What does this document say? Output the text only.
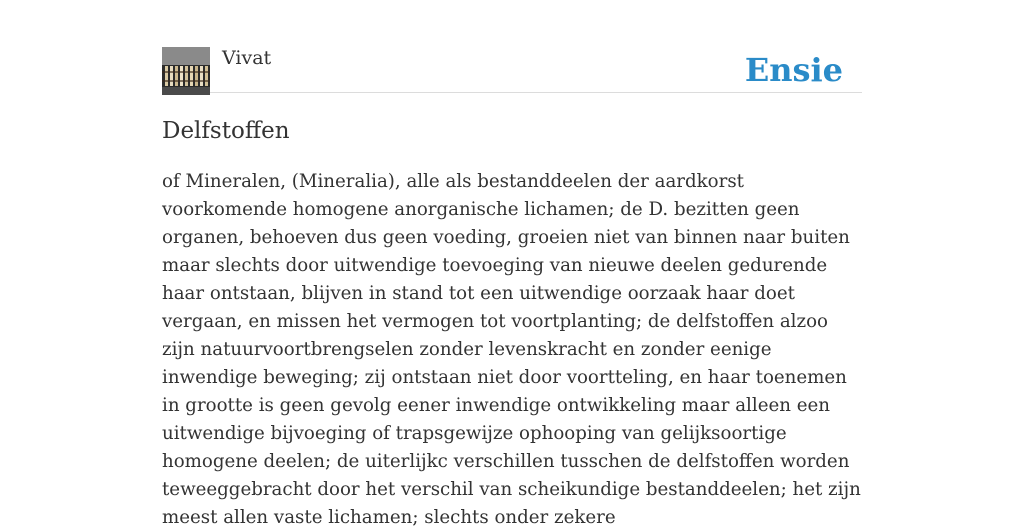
Vivat	Ensie
Delfstoffen

of Mineralen, (Mineralia), alle als bestanddeelen der aardkorst voorkomende homogene anorganische lichamen; de D. bezitten geen organen, behoeven dus geen voeding, groeien niet van binnen naar buiten maar slechts door uitwendige toevoeging van nieuwe deelen gedurende haar ontstaan, blijven in stand tot een uitwendige oorzaak haar doet vergaan, en missen het vermogen tot voortplanting; de delfstoffen alzoo zijn natuurvoortbrengselen zonder levenskracht en zonder eenige inwendige beweging; zij ontstaan niet door voortteling, en haar toenemen in grootte is geen gevolg eener inwendige ontwikkeling maar alleen een uitwendige bijvoeging of trapsgewijze ophooping van gelijksoortige homogene deelen; de uiterlijkc verschillen tusschen de delfstoffen worden teweeggebracht door het verschil van scheikundige bestanddeelen; het zijn meest allen vaste lichamen; slechts onder zekere
